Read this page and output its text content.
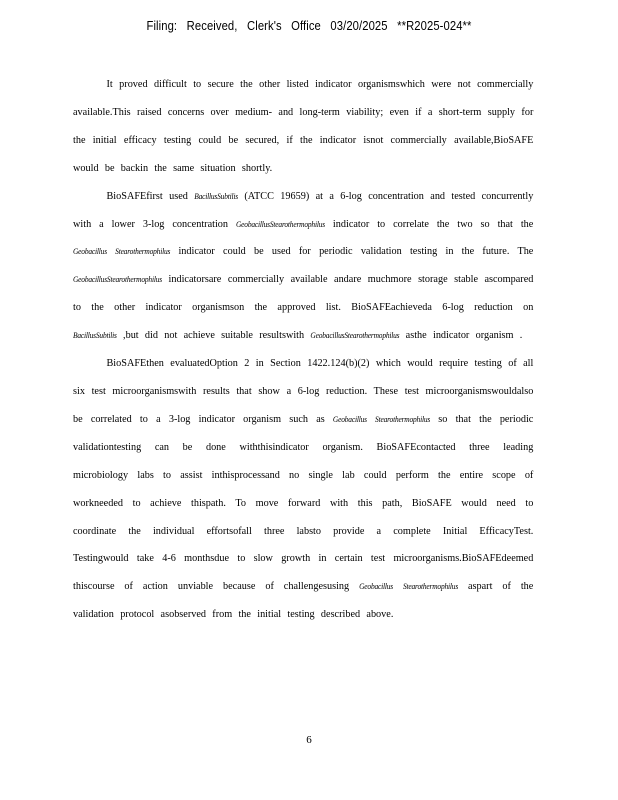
Filing: Received, Clerk's Office 03/20/2025 **R2025-024**

It proved difficult to secure the other listed indicator organismswhich were not commercially available.This raised concerns over medium- and long-term viability; even if a short-term supply for the initial efficacy testing could be secured, if the indicator isnot commercially available,BioSAFE would be backin the same situation shortly.

BioSAFEfirst used BacillusSubtilis (ATCC 19659) at a 6-log concentration and tested concurrently with a lower 3-log concentration GeobacillusStearothermophilus indicator to correlate the two so that the Geobacillus Stearothermophilus indicator could be used for periodic validation testing in the future. The GeobacillusStearothermophilus indicatorsare commercially available andare muchmore storage stable ascompared to the other indicator organismson the approved list. BioSAFEachieveda 6-log reduction on BacillusSubtilis ,but did not achieve suitable resultswith GeobacillusStearothermophilus asthe indicator organism .

BioSAFEthen evaluatedOption 2 in Section 1422.124(b)(2) which would require testing of all six test microorganismswith results that show a 6-log reduction. These test microorganismswouldalso be correlated to a 3-log indicator organism such as Geobacillus Stearothermophilus so that the periodic validationtesting can be done withthisindicator organism. BioSAFEcontacted three leading microbiology labs to assist inthisprocessand no single lab could perform the entire scope of workneeded to achieve thispath. To move forward with this path, BioSAFE would need to coordinate the individual effortsofall three labsto provide a complete Initial EfficacyTest. Testingwould take 4-6 monthsdue to slow growth in certain test microorganisms.BioSAFEdeemed thiscourse of action unviable because of challengesusing Geobacillus Stearothermophilus aspart of the validation protocol asobserved from the initial testing described above.

6
